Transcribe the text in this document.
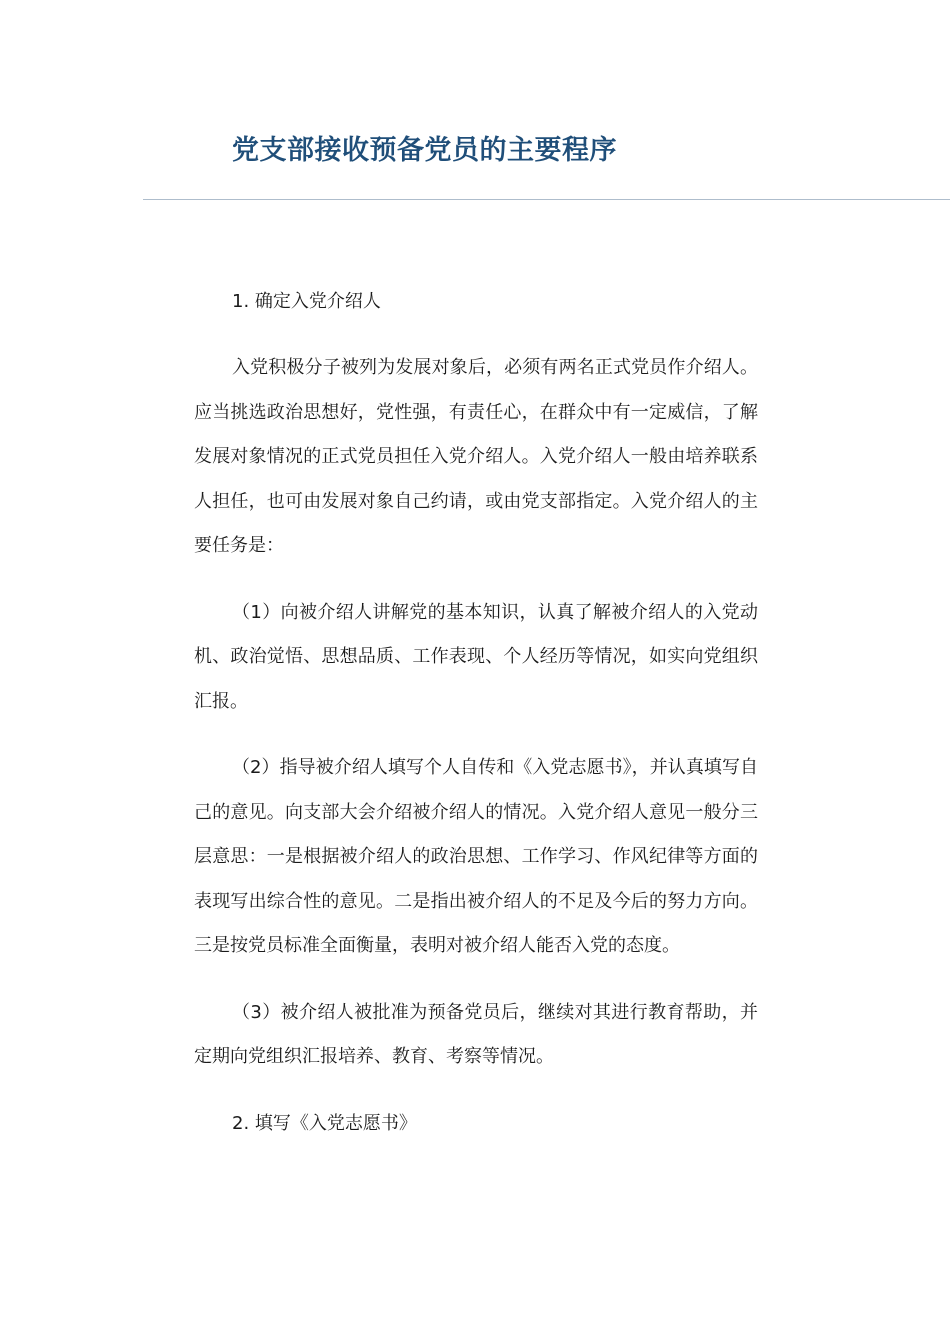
党支部接收预备党员的主要程序

1. 确定入党介绍人

入党积极分子被列为发展对象后，必须有两名正式党员作介绍人。应当挑选政治思想好，党性强，有责任心，在群众中有一定威信，了解发展对象情况的正式党员担任入党介绍人。入党介绍人一般由培养联系人担任，也可由发展对象自己约请，或由党支部指定。入党介绍人的主要任务是：

（1）向被介绍人讲解党的基本知识，认真了解被介绍人的入党动机、政治觉悟、思想品质、工作表现、个人经历等情况，如实向党组织汇报。

（2）指导被介绍人填写个人自传和《入党志愿书》，并认真填写自己的意见。向支部大会介绍被介绍人的情况。入党介绍人意见一般分三层意思：一是根据被介绍人的政治思想、工作学习、作风纪律等方面的表现写出综合性的意见。二是指出被介绍人的不足及今后的努力方向。三是按党员标准全面衡量，表明对被介绍人能否入党的态度。

（3）被介绍人被批准为预备党员后，继续对其进行教育帮助，并定期向党组织汇报培养、教育、考察等情况。

2. 填写《入党志愿书》
